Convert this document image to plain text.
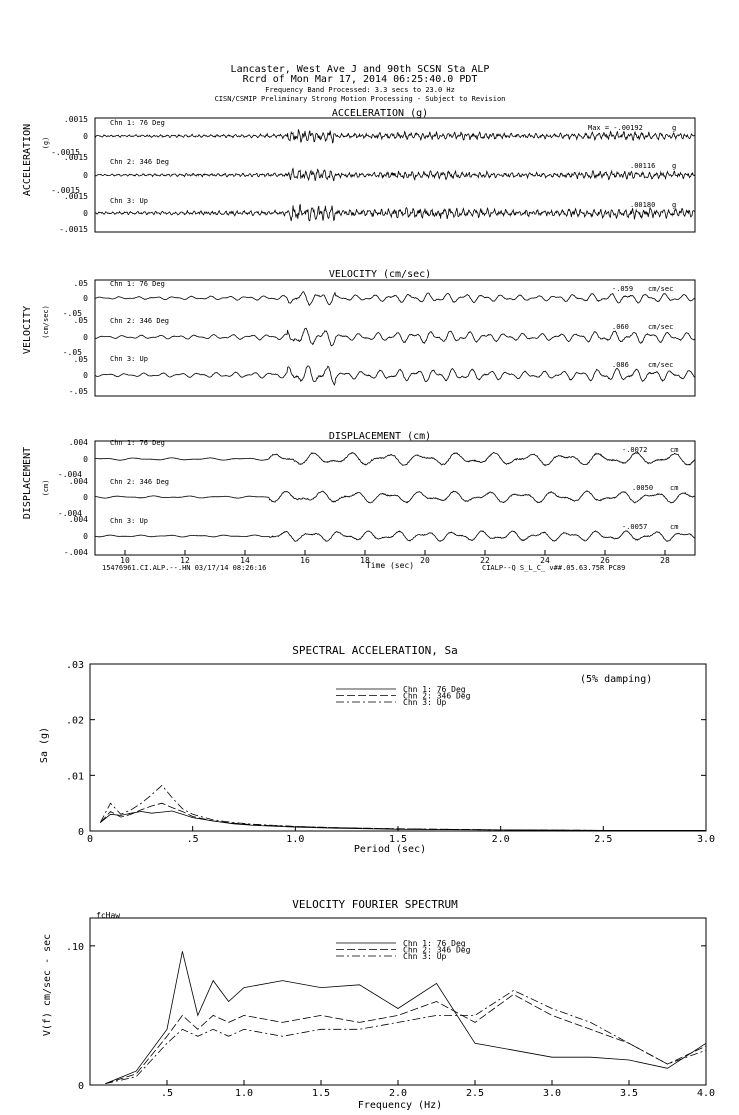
Lancaster, West Ave J and 90th SCSN Sta ALP
Rcrd of Mon Mar 17, 2014 06:25:40.0 PDT
Frequency Band Processed: 3.3 secs to 23.0 Hz
CISN/CSMIP Preliminary Strong Motion Processing - Subject to Revision
ACCELERATION (g)
ACCELERATION (g)
.0015
0
-.0015
Chn 1: 76 Deg
Max = -.00192	g
.0015
0
-.0015
Chn 2: 346 Deg	.00116 g
.0015
0
-.0015
Chn 3: Up	.00180 g
VELOCITY (cm/sec)
VELOCITY (cm/sec)
.05
0
-.05
Chn 1: 76 Deg
-.059 cm/sec
.05
0
-.05
Chn 2: 346 Deg
.060	cm/sec
.05
0
-.05
Chn 3: Up
.086	cm/sec
DISPLACEMENT (cm)
DISPLACEMENT (cm)
.004
0
-.004
Chn 1: 76 Deg
-.0072	cm
.004
0
-.004
Chn 2: 346 Deg
.0050 cm
.004
0
-.004
Chn 3: Up
-.0057	cm
10	12	14	16	18	20	22	24	26	28
Time (sec)
15476961.CI.ALP.--.HN 03/17/14 08:26:16	CIALP--Q S_L_C_ v##.05.63.75R PC89
SPECTRAL ACCELERATION, Sa
(5% damping)
Period (sec)
Sa (g)
0	.5	1.0	1.5	2.0	2.5	3.0
0
.01
.02
.03
Chn 1: 76 Deg
Chn 2: 346 Deg
Chn 3: Up
VELOCITY FOURIER SPECTRUM
fcHaw
Frequency (Hz)
V(f) cm/sec - sec
.5	1.0	1.5	2.0	2.5	3.0	3.5	4.0
0
.10	Chn 1: 76 Deg
Chn 2: 346 Deg
Chn 3: Up
